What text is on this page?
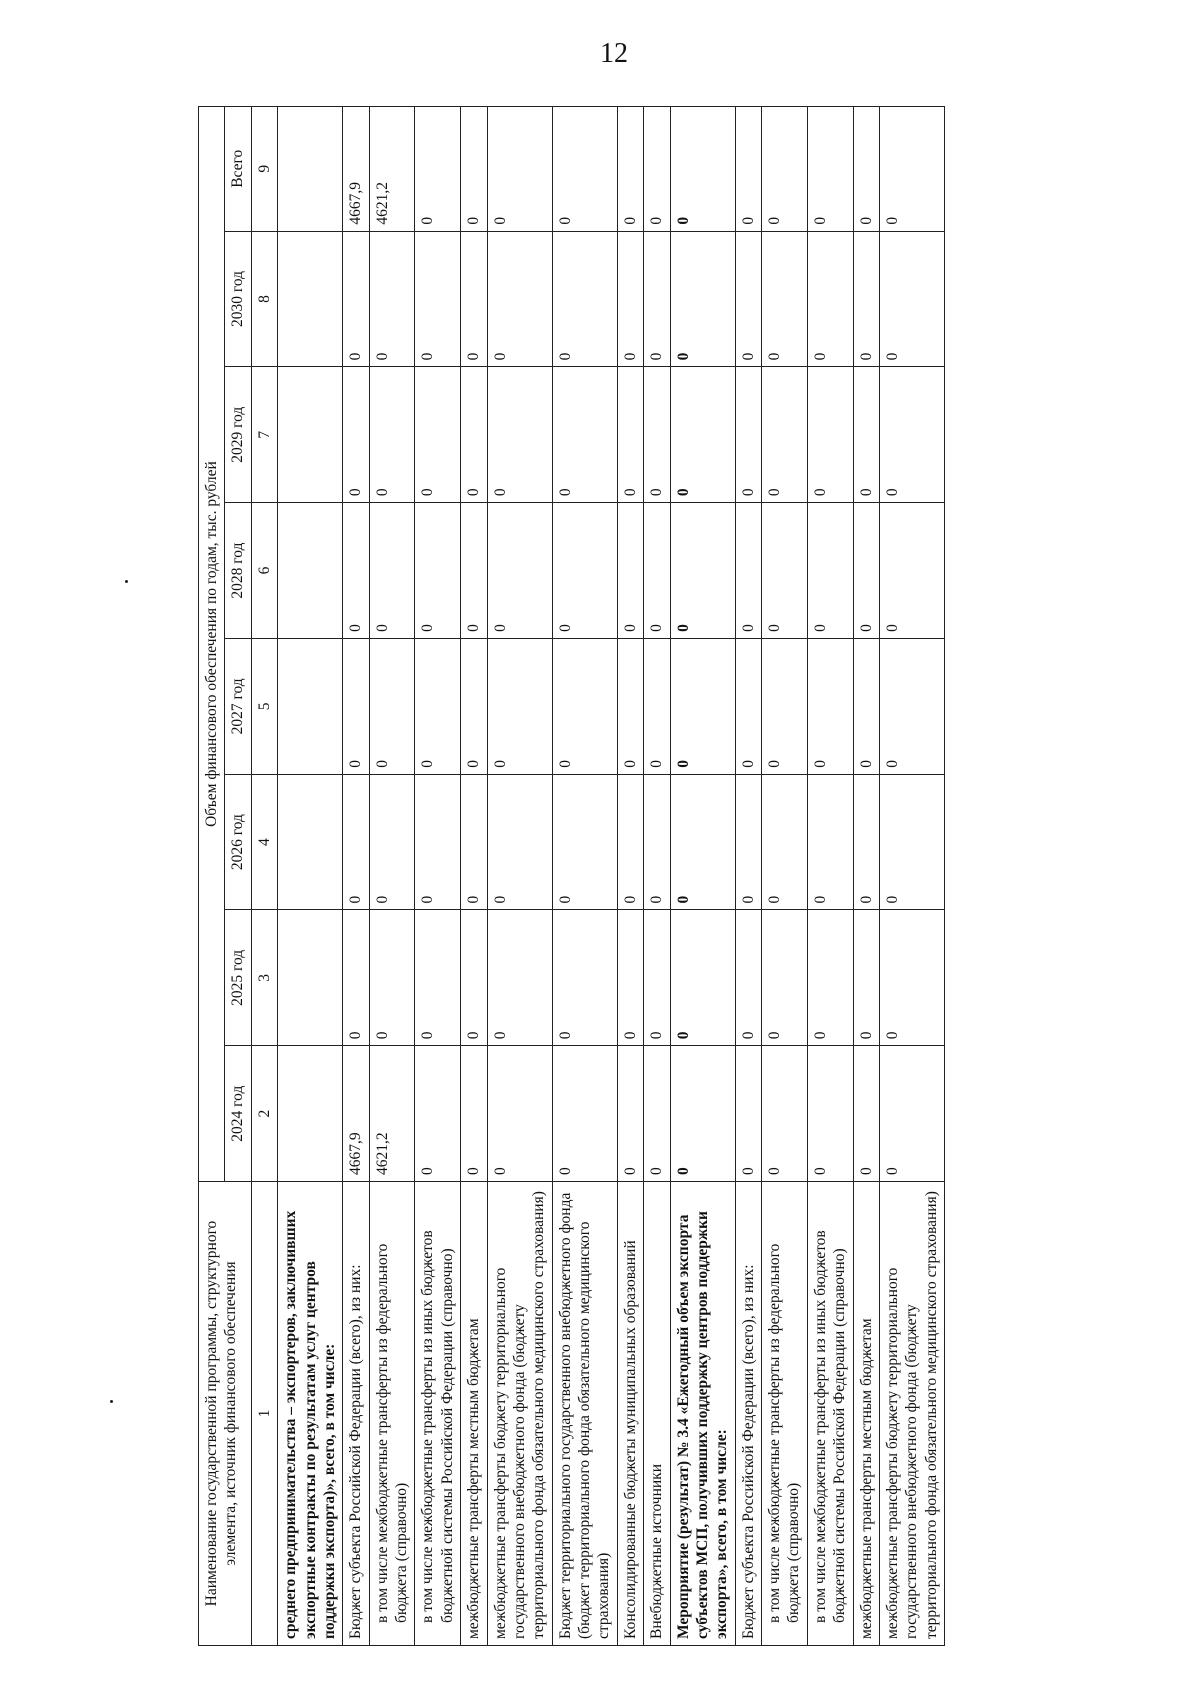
12
Наименование государственной программы, структурного элемента, источник финансового обеспечения	Объем финансового обеспечения по годам, тыс. рублей							
	2024 год	2025 год	2026 год	2027 год	2028 год	2029 год	2030 год	Всего
1	2	3	4	5	6	7	8	9
среднего предпринимательства – экспортеров, заключивших экспортные контракты по результатам услуг центров поддержки экспорта)», всего, в том числе:								
Бюджет субъекта Российской Федерации (всего), из них:	4667,9	0	0	0	0	0	0	4667,9
в том числе межбюджетные трансферты из федерального бюджета (справочно)	4621,2	0	0	0	0	0	0	4621,2
в том числе межбюджетные трансферты из иных бюджетов бюджетной системы Российской Федерации (справочно)	0	0	0	0	0	0	0	0
межбюджетные трансферты местным бюджетам	0	0	0	0	0	0	0	0
межбюджетные трансферты бюджету территориального государственного внебюджетного фонда (бюджету территориального фонда обязательного медицинского страхования)	0	0	0	0	0	0	0	0
Бюджет территориального государственного внебюджетного фонда (бюджет территориального фонда обязательного медицинского страхования)	0	0	0	0	0	0	0	0
Консолидированные бюджеты муниципальных образований	0	0	0	0	0	0	0	0
Внебюджетные источники	0	0	0	0	0	0	0	0
Мероприятие (результат) № 3.4 «Ежегодный объем экспорта субъектов МСП, получивших поддержку центров поддержки экспорта», всего, в том числе:	0	0	0	0	0	0	0	0
Бюджет субъекта Российской Федерации (всего), из них:	0	0	0	0	0	0	0	0
в том числе межбюджетные трансферты из федерального бюджета (справочно)	0	0	0	0	0	0	0	0
в том числе межбюджетные трансферты из иных бюджетов бюджетной системы Российской Федерации (справочно)	0	0	0	0	0	0	0	0
межбюджетные трансферты местным бюджетам	0	0	0	0	0	0	0	0
межбюджетные трансферты бюджету территориального государственного внебюджетного фонда (бюджету территориального фонда обязательного медицинского страхования)	0	0	0	0	0	0	0	0
